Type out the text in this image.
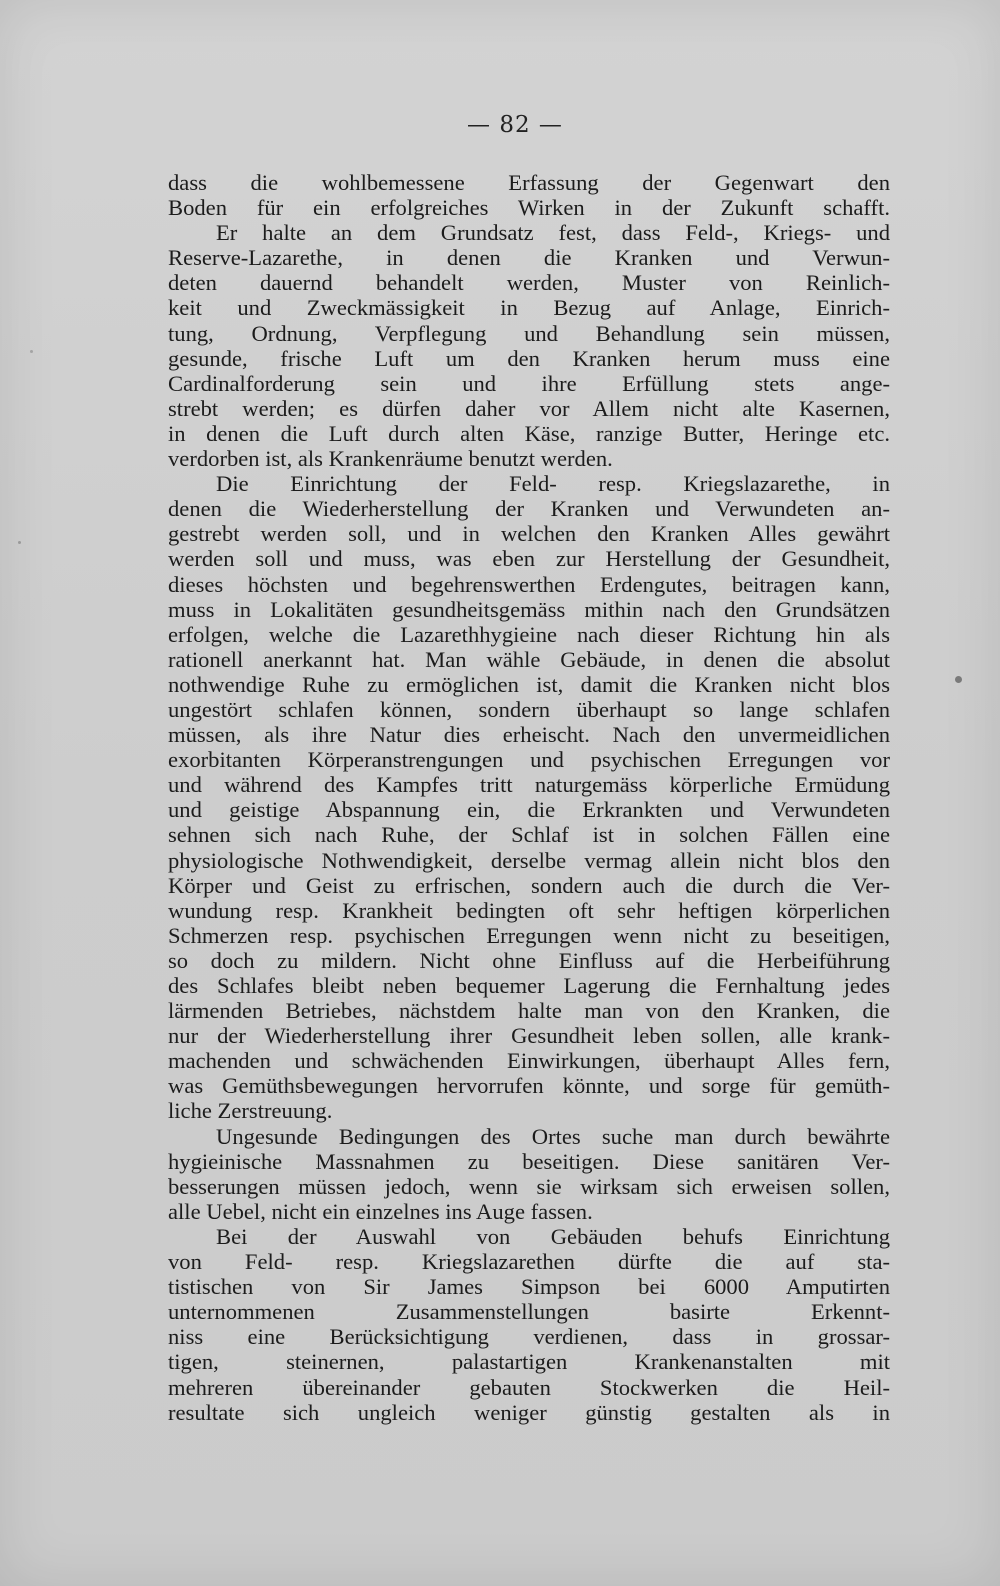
— 82 —
dass die wohlbemessene Erfassung der Gegenwart den
Boden für ein erfolgreiches Wirken in der Zukunft schafft.
Er halte an dem Grundsatz fest, dass Feld-, Kriegs- und
Reserve-Lazarethe, in denen die Kranken und Verwun-
deten dauernd behandelt werden, Muster von Reinlich-
keit und Zweckmässigkeit in Bezug auf Anlage, Einrich-
tung, Ordnung, Verpflegung und Behandlung sein müssen,
gesunde, frische Luft um den Kranken herum muss eine
Cardinalforderung sein und ihre Erfüllung stets ange-
strebt werden; es dürfen daher vor Allem nicht alte Kasernen,
in denen die Luft durch alten Käse, ranzige Butter, Heringe etc.
verdorben ist, als Krankenräume benutzt werden.
Die Einrichtung der Feld- resp. Kriegslazarethe, in
denen die Wiederherstellung der Kranken und Verwundeten an-
gestrebt werden soll, und in welchen den Kranken Alles gewährt
werden soll und muss, was eben zur Herstellung der Gesundheit,
dieses höchsten und begehrenswerthen Erdengutes, beitragen kann,
muss in Lokalitäten gesundheitsgemäss mithin nach den Grundsätzen
erfolgen, welche die Lazarethhygieine nach dieser Richtung hin als
rationell anerkannt hat. Man wähle Gebäude, in denen die absolut
nothwendige Ruhe zu ermöglichen ist, damit die Kranken nicht blos
ungestört schlafen können, sondern überhaupt so lange schlafen
müssen, als ihre Natur dies erheischt. Nach den unvermeidlichen
exorbitanten Körperanstrengungen und psychischen Erregungen vor
und während des Kampfes tritt naturgemäss körperliche Ermüdung
und geistige Abspannung ein, die Erkrankten und Verwundeten
sehnen sich nach Ruhe, der Schlaf ist in solchen Fällen eine
physiologische Nothwendigkeit, derselbe vermag allein nicht blos den
Körper und Geist zu erfrischen, sondern auch die durch die Ver-
wundung resp. Krankheit bedingten oft sehr heftigen körperlichen
Schmerzen resp. psychischen Erregungen wenn nicht zu beseitigen,
so doch zu mildern. Nicht ohne Einfluss auf die Herbeiführung
des Schlafes bleibt neben bequemer Lagerung die Fernhaltung jedes
lärmenden Betriebes, nächstdem halte man von den Kranken, die
nur der Wiederherstellung ihrer Gesundheit leben sollen, alle krank-
machenden und schwächenden Einwirkungen, überhaupt Alles fern,
was Gemüthsbewegungen hervorrufen könnte, und sorge für gemüth-
liche Zerstreuung.
Ungesunde Bedingungen des Ortes suche man durch bewährte
hygieinische Massnahmen zu beseitigen. Diese sanitären Ver-
besserungen müssen jedoch, wenn sie wirksam sich erweisen sollen,
alle Uebel, nicht ein einzelnes ins Auge fassen.
Bei der Auswahl von Gebäuden behufs Einrichtung
von Feld- resp. Kriegslazarethen dürfte die auf sta-
tistischen von Sir James Simpson bei 6000 Amputirten
unternommenen Zusammenstellungen basirte Erkennt-
niss eine Berücksichtigung verdienen, dass in grossar-
tigen, steinernen, palastartigen Krankenanstalten mit
mehreren übereinander gebauten Stockwerken die Heil-
resultate sich ungleich weniger günstig gestalten als in
